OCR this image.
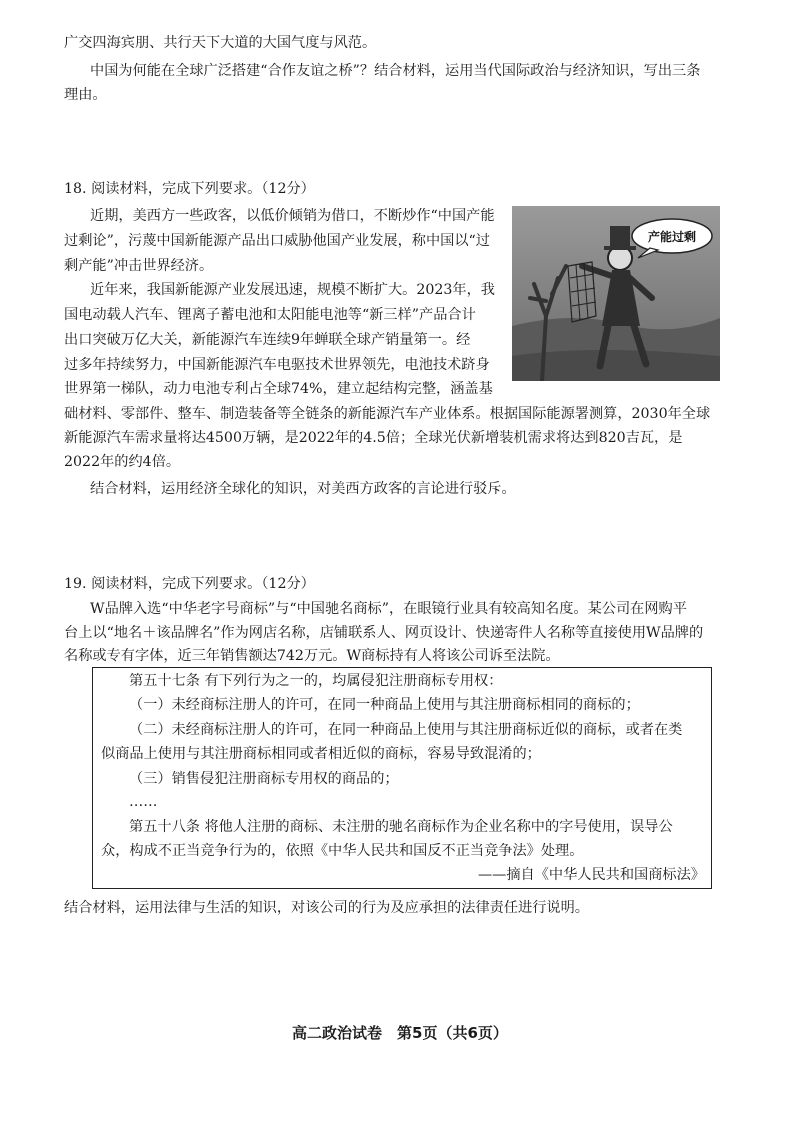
广交四海宾朋、共行天下大道的大国气度与风范。
中国为何能在全球广泛搭建“合作友谊之桥”？结合材料，运用当代国际政治与经济知识，写出三条
理由。
18. 阅读材料，完成下列要求。（12分）
近期，美西方一些政客，以低价倾销为借口，不断炒作“中国产能
过剩论”，污蔑中国新能源产品出口威胁他国产业发展，称中国以“过
剩产能”冲击世界经济。
近年来，我国新能源产业发展迅速，规模不断扩大。2023年，我
国电动载人汽车、锂离子蓄电池和太阳能电池等“新三样”产品合计
出口突破万亿大关，新能源汽车连续9年蝉联全球产销量第一。经
过多年持续努力，中国新能源汽车电驱技术世界领先，电池技术跻身
世界第一梯队，动力电池专利占全球74%，建立起结构完整，涵盖基
础材料、零部件、整车、制造装备等全链条的新能源汽车产业体系。根据国际能源署测算，2030年全球
新能源汽车需求量将达4500万辆，是2022年的4.5倍；全球光伏新增装机需求将达到820吉瓦，是
2022年的约4倍。
结合材料，运用经济全球化的知识，对美西方政客的言论进行驳斥。
产能过剩
19. 阅读材料，完成下列要求。（12分）
W品牌入选“中华老字号商标”与“中国驰名商标”，在眼镜行业具有较高知名度。某公司在网购平
台上以“地名＋该品牌名”作为网店名称，店铺联系人、网页设计、快递寄件人名称等直接使用W品牌的
名称或专有字体，近三年销售额达742万元。W商标持有人将该公司诉至法院。
第五十七条 有下列行为之一的，均属侵犯注册商标专用权：
（一）未经商标注册人的许可，在同一种商品上使用与其注册商标相同的商标的；
（二）未经商标注册人的许可，在同一种商品上使用与其注册商标近似的商标，或者在类
似商品上使用与其注册商标相同或者相近似的商标，容易导致混淆的；
（三）销售侵犯注册商标专用权的商品的；
……
第五十八条 将他人注册的商标、未注册的驰名商标作为企业名称中的字号使用，误导公
众，构成不正当竞争行为的，依照《中华人民共和国反不正当竞争法》处理。
——摘自《中华人民共和国商标法》
结合材料，运用法律与生活的知识，对该公司的行为及应承担的法律责任进行说明。
高二政治试卷　第5页（共6页）
